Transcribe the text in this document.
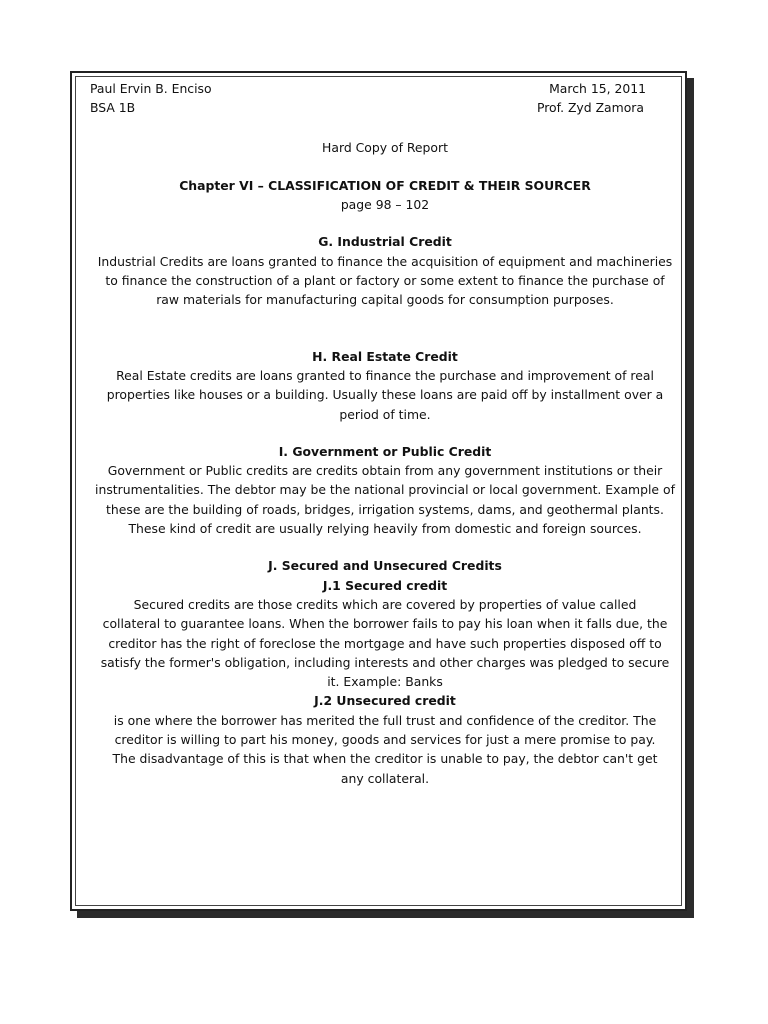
Paul Ervin B. Enciso	March 15, 2011
BSA 1B	Prof. Zyd Zamora
Hard Copy of Report
Chapter VI – CLASSIFICATION OF CREDIT & THEIR SOURCER
page 98 – 102
G. Industrial Credit
Industrial Credits are loans granted to finance the acquisition of equipment and machineries
to finance the construction of a plant or factory or some extent to finance the purchase of
raw materials for manufacturing capital goods for consumption purposes.
H. Real Estate Credit
Real Estate credits are loans granted to finance the purchase and improvement of real
properties like houses or a building. Usually these loans are paid off by installment over a
period of time.
I. Government or Public Credit
Government or Public credits are credits obtain from any government institutions or their
instrumentalities. The debtor may be the national provincial or local government. Example of
these are the building of roads, bridges, irrigation systems, dams, and geothermal plants.
These kind of credit are usually relying heavily from domestic and foreign sources.
J. Secured and Unsecured Credits
J.1 Secured credit
Secured credits are those credits which are covered by properties of value called
collateral to guarantee loans. When the borrower fails to pay his loan when it falls due, the
creditor has the right of foreclose the mortgage and have such properties disposed off to
satisfy the former's obligation, including interests and other charges was pledged to secure
it. Example: Banks
J.2 Unsecured credit
is one where the borrower has merited the full trust and confidence of the creditor. The
creditor is willing to part his money, goods and services for just a mere promise to pay.
The disadvantage of this is that when the creditor is unable to pay, the debtor can't get
any collateral.
